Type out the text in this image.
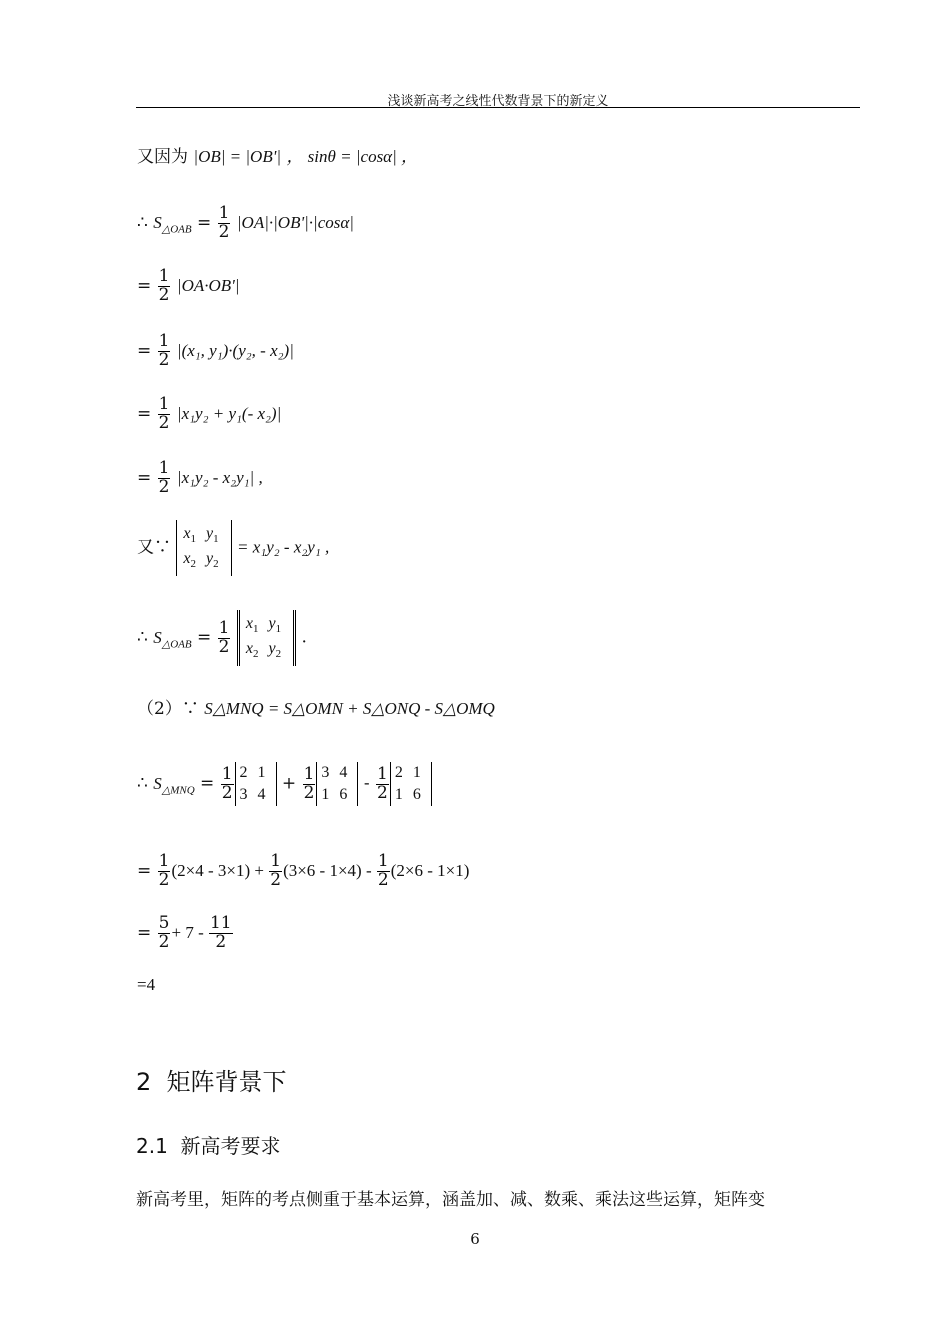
浅谈新高考之线性代数背景下的新定义
又因为 |OB| = |OB'| ， sinθ = |cosα| ，
∴ $S_{\triangle OAB} = \frac{1}{2} |OA|\cdot|OB'|\cdot|\cos\alpha|$
= $\frac{1}{2} |OA\cdot OB'|$
= $\frac{1}{2} |(x_1$, y₁)·(y₂, - x₂)|
= $\frac{1}{2} |x_1y_2 + y_1(-$ x₂)|
= $\frac{1}{2} |x_1y_2 - x_2y_1|$ ,
又∵
$x_1$	$y_1$
$x_2$	$y_2$
= x₁y₂ - x₂y₁ ,
∴ $S_{\triangle OAB} = \frac{1}{2}$
$x_1$	$y_1$
$x_2$	$y_2$
.
（2）∵ S△MNQ = S△OMN + S△ONQ - S△OMQ
∴ $S_{\triangle MNQ} = \frac{1}{2} 2$	1
3	4
+ $\frac{1}{2} 3$	4
1	6
- $\frac{1}{2} 2$	1
1	6
= $\frac{1}{2} (2\times 4 - 3\times 1) + \frac{1}{2} (3\times 6 - 1\times 4) - \frac{1}{2} (2\times 6 - 1\times 1)$
= $\frac{5}{2} + 7 - \frac{11}{2}$
=4
2 矩阵背景下
2.1 新高考要求
新高考里，矩阵的考点侧重于基本运算，涵盖加、减、数乘、乘法这些运算，矩阵变
6
